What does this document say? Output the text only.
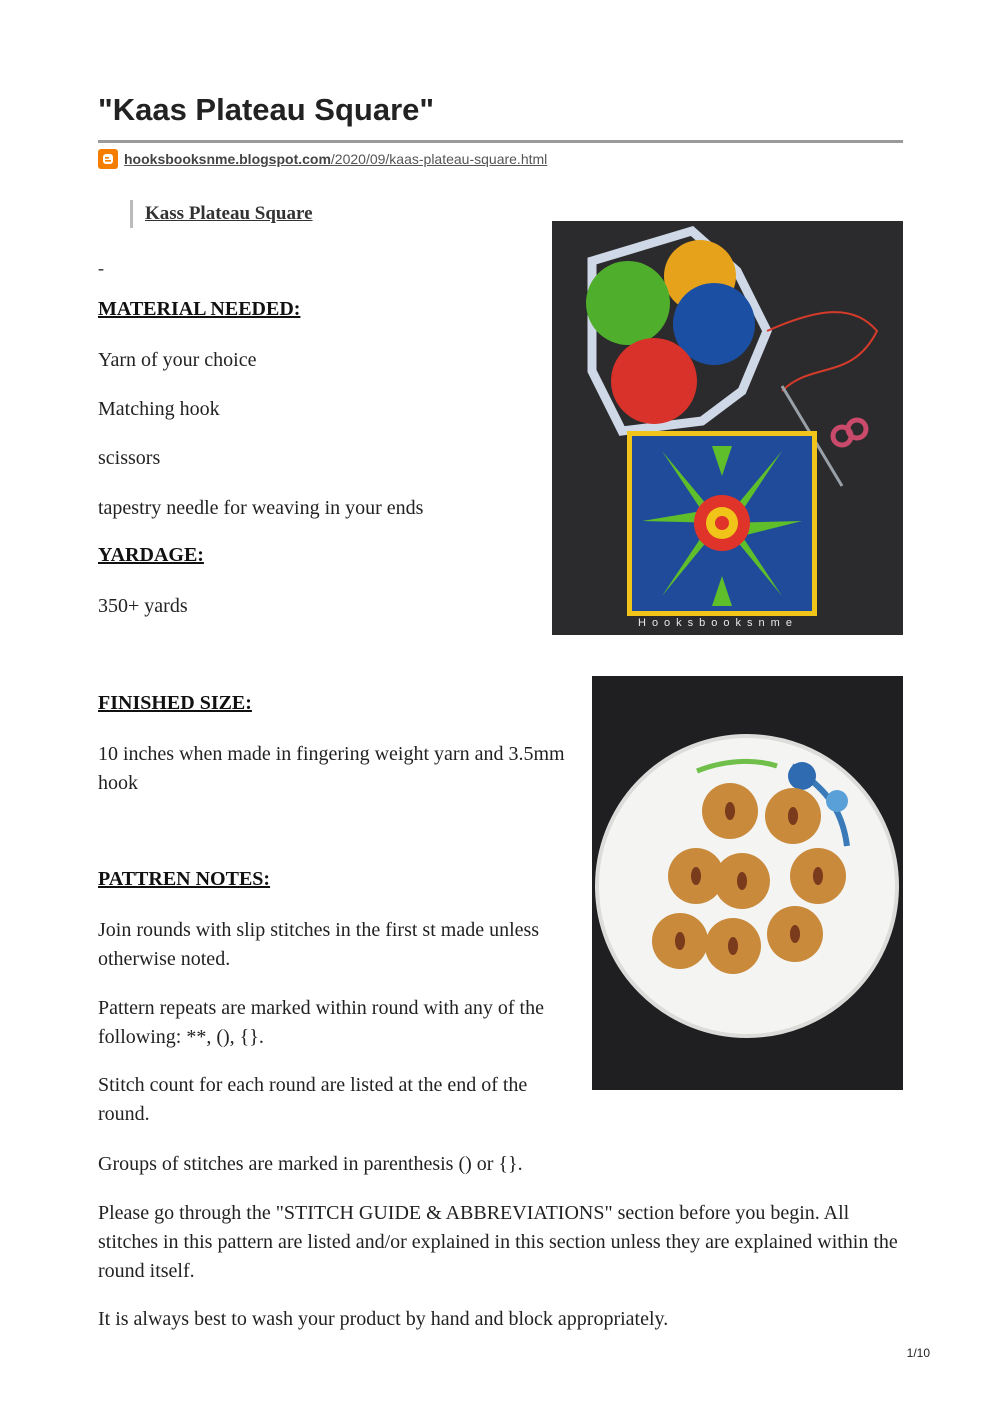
"Kaas Plateau Square"
hooksbooksnme.blogspot.com/2020/09/kaas-plateau-square.html
Kass Plateau Square
-

MATERIAL NEEDED:

Yarn of your choice

Matching hook

scissors

tapestry needle for weaving in your ends

YARDAGE:

350+ yards

FINISHED SIZE:

10 inches when made in fingering weight yarn and 3.5mm hook

PATTREN NOTES:

Join rounds with slip stitches in the first st made unless otherwise noted.

Pattern repeats are marked within round with any of the following: **, (), {}.

Stitch count for each round are listed at the end of the round.

Groups of stitches are marked in parenthesis () or {}.

Please go through the "STITCH GUIDE & ABBREVIATIONS" section before you begin. All stitches in this pattern are listed and/or explained in this section unless they are explained within the round itself.

It is always best to wash your product by hand and block appropriately.

Hooksbooksnme
1/10
